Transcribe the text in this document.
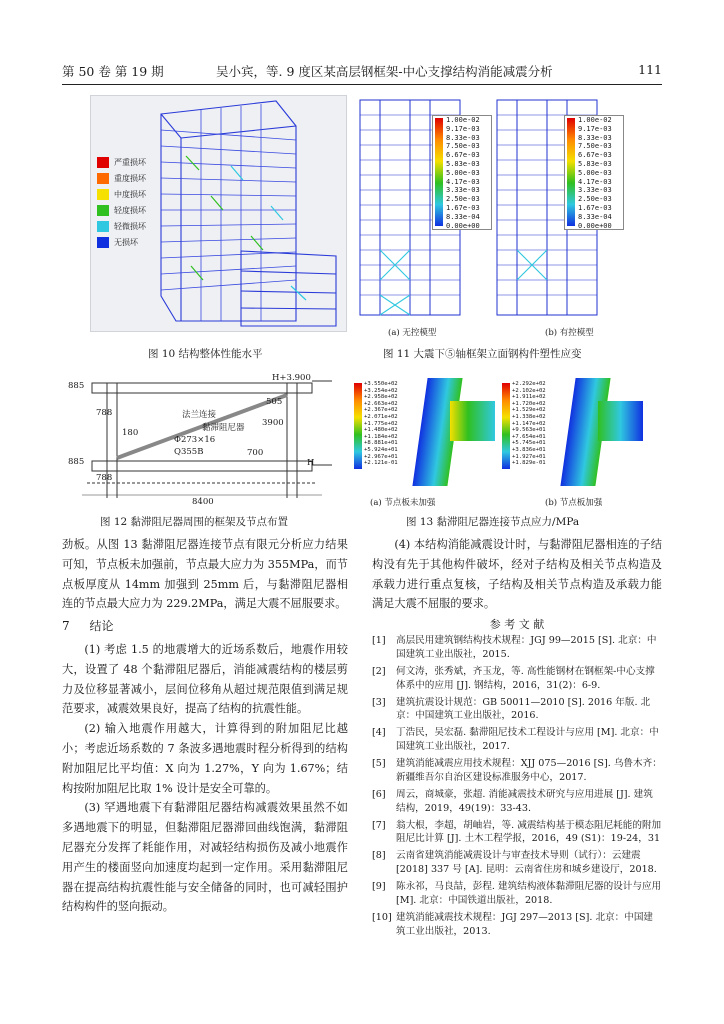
第 50 卷 第 19 期	吴小宾，等. 9 度区某高层钢框架-中心支撑结构消能减震分析	111
严重损坏
重度损坏
中度损坏
轻度损坏
轻微损坏
无损坏
图 10 结构整体性能水平
1.00e-02
9.17e-03
8.33e-03
7.50e-03
6.67e-03
5.83e-03
5.00e-03
4.17e-03
3.33e-03
2.50e-03
1.67e-03
8.33e-04
0.00e+00
1.00e-02
9.17e-03
8.33e-03
7.50e-03
6.67e-03
5.83e-03
5.00e-03
4.17e-03
3.33e-03
2.50e-03
1.67e-03
8.33e-04
0.00e+00
(a) 无控模型	(b) 有控模型
图 11 大震下⑤轴框架立面钢构件塑性应变
H+3.900
H
885
3900
885
505
788
788
700
8400
法兰连接
黏滞阻尼器
Φ273×16
Q355B
180
图 12 黏滞阻尼器周围的框架及节点布置
+3.550e+02
+3.254e+02
+2.958e+02
+2.663e+02
+2.367e+02
+2.071e+02
+1.775e+02
+1.480e+02
+1.184e+02
+8.881e+01
+5.924e+01
+2.967e+01
+2.121e-01
+2.292e+02
+2.102e+02
+1.911e+02
+1.720e+02
+1.529e+02
+1.338e+02
+1.147e+02
+9.563e+01
+7.654e+01
+5.745e+01
+3.836e+01
+1.927e+01
+1.829e-01
(a) 节点板未加强	(b) 节点板加强
图 13 黏滞阻尼器连接节点应力/MPa

劲板。从图 13 黏滞阻尼器连接节点有限元分析应力结果可知，节点板未加强前，节点最大应力为 355MPa，而节点板厚度从 14mm 加强到 25mm 后，与黏滞阻尼器相连的节点最大应力为 229.2MPa，满足大震不屈服要求。

7 结论

(1) 考虑 1.5 的地震增大的近场系数后，地震作用较大，设置了 48 个黏滞阻尼器后，消能减震结构的楼层剪力及位移显著减小，层间位移角从超过规范限值到满足规范要求，减震效果良好，提高了结构的抗震性能。

(2) 输入地震作用越大，计算得到的附加阻尼比越小；考虑近场系数的 7 条波多遇地震时程分析得到的结构附加阻尼比平均值：X 向为 1.27%，Y 向为 1.67%；结构按附加阻尼比取 1% 设计是安全可靠的。

(3) 罕遇地震下有黏滞阻尼器结构减震效果虽然不如多遇地震下的明显，但黏滞阻尼器滞回曲线饱满，黏滞阻尼器充分发挥了耗能作用，对减轻结构损伤及减小地震作用产生的楼面竖向加速度均起到一定作用。采用黏滞阻尼器在提高结构抗震性能与安全储备的同时，也可减轻围护结构构件的竖向振动。

(4) 本结构消能减震设计时，与黏滞阻尼器相连的子结构没有先于其他构件破坏，经对子结构及相关节点构造及承载力进行重点复核，子结构及相关节点构造及承载力能满足大震不屈服的要求。

参 考 文 献
[1]	高层民用建筑钢结构技术规程：JGJ 99—2015 [S]. 北京：中国建筑工业出版社，2015.
[2]	何文涛，张秀斌，齐玉龙，等. 高性能钢材在钢框架-中心支撑体系中的应用 [J]. 钢结构，2016，31(2)：6-9.
[3]	建筑抗震设计规范：GB 50011—2010 [S]. 2016 年版. 北京：中国建筑工业出版社，2016.
[4]	丁浩民，吴宏磊. 黏滞阻尼技术工程设计与应用 [M]. 北京：中国建筑工业出版社，2017.
[5]	建筑消能减震应用技术规程：XJJ 075—2016 [S]. 乌鲁木齐：新疆维吾尔自治区建设标准服务中心，2017.
[6]	周云，商城豪，张超. 消能减震技术研究与应用进展 [J]. 建筑结构，2019，49(19)：33-43.
[7]	翁大根，李超，胡岫岩，等. 减震结构基于模态阻尼耗能的附加阻尼比计算 [J]. 土木工程学报，2016，49 (S1)：19-24，31
[8]	云南省建筑消能减震设计与审查技术导则（试行）：云建震 [2018] 337 号 [A]. 昆明：云南省住房和城乡建设厅，2018.
[9]	陈永祁，马良喆，彭程. 建筑结构液体黏滞阻尼器的设计与应用 [M]. 北京：中国铁道出版社，2018.
[10] 建筑消能减震技术规程：JGJ 297—2013 [S]. 北京：中国建筑工业出版社，2013.
